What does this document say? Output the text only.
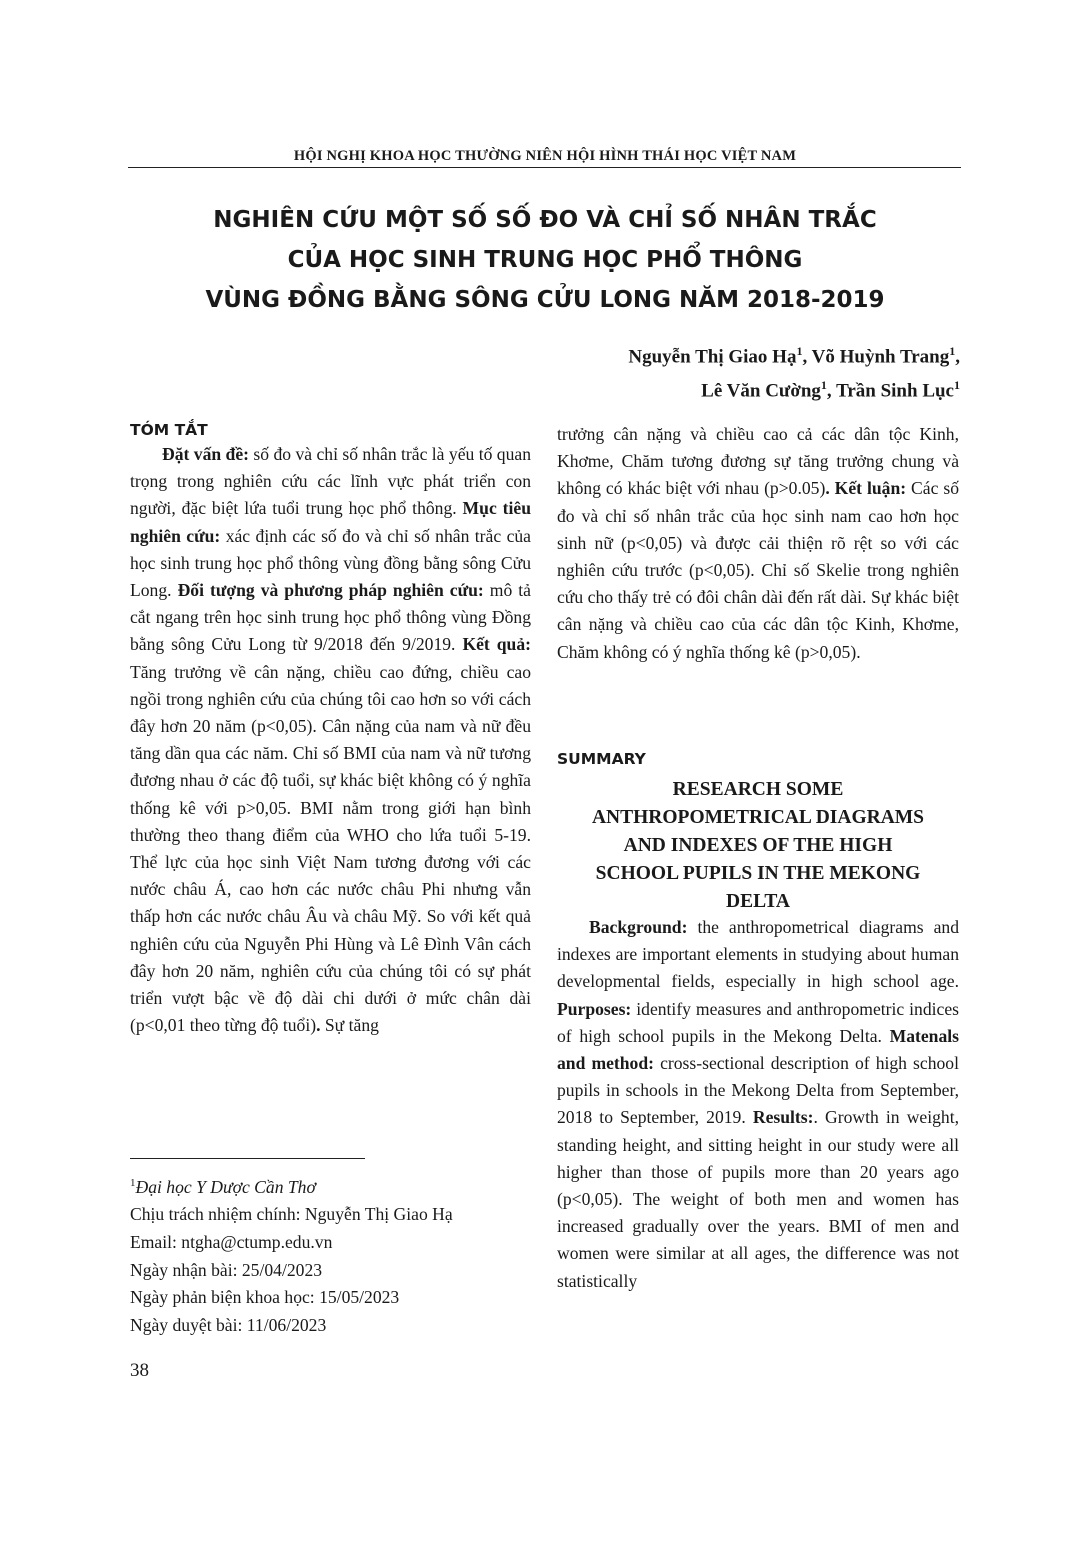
HỘI NGHỊ KHOA HỌC THƯỜNG NIÊN HỘI HÌNH THÁI HỌC VIỆT NAM
NGHIÊN CỨU MỘT SỐ SỐ ĐO VÀ CHỈ SỐ NHÂN TRẮC
CỦA HỌC SINH TRUNG HỌC PHỔ THÔNG
VÙNG ĐỒNG BẰNG SÔNG CỬU LONG NĂM 2018-2019
Nguyễn Thị Giao Hạ$^1$, Võ Huỳnh Trang$^1$,
Lê Văn Cường$^1$, Trần Sinh Lục$^1$
TÓM TẮT

Đặt vấn đề: số đo và chỉ số nhân trắc là yếu tố quan trọng trong nghiên cứu các lĩnh vực phát triển con người, đặc biệt lứa tuổi trung học phổ thông. Mục tiêu nghiên cứu: xác định các số đo và chỉ số nhân trắc của học sinh trung học phổ thông vùng đồng bằng sông Cửu Long. Đối tượng và phương pháp nghiên cứu: mô tả cắt ngang trên học sinh trung học phổ thông vùng Đồng bằng sông Cửu Long từ 9/2018 đến 9/2019. Kết quả: Tăng trưởng về cân nặng, chiều cao đứng, chiều cao ngồi trong nghiên cứu của chúng tôi cao hơn so với cách đây hơn 20 năm (p<0,05). Cân nặng của nam và nữ đều tăng dần qua các năm. Chỉ số BMI của nam và nữ tương đương nhau ở các độ tuổi, sự khác biệt không có ý nghĩa thống kê với p>0,05. BMI nằm trong giới hạn bình thường theo thang điểm của WHO cho lứa tuổi 5-19. Thể lực của học sinh Việt Nam tương đương với các nước châu Á, cao hơn các nước châu Phi nhưng vẫn thấp hơn các nước châu Âu và châu Mỹ. So với kết quả nghiên cứu của Nguyễn Phi Hùng và Lê Đình Vân cách đây hơn 20 năm, nghiên cứu của chúng tôi có sự phát triển vượt bậc về độ dài chi dưới ở mức chân dài (p<0,01 theo từng độ tuổi). Sự tăng

trưởng cân nặng và chiều cao cả các dân tộc Kinh, Khơme, Chăm tương đương sự tăng trưởng chung và không có khác biệt với nhau (p>0.05). Kết luận: Các số đo và chỉ số nhân trắc của học sinh nam cao hơn học sinh nữ (p<0,05) và được cải thiện rõ rệt so với các nghiên cứu trước (p<0,05). Chỉ số Skelie trong nghiên cứu cho thấy trẻ có đôi chân dài đến rất dài. Sự khác biệt cân nặng và chiều cao của các dân tộc Kinh, Khơme, Chăm không có ý nghĩa thống kê (p>0,05).

SUMMARY
RESEARCH SOME
ANTHROPOMETRICAL DIAGRAMS
AND INDEXES OF THE HIGH
SCHOOL PUPILS IN THE MEKONG
DELTA

Background: the anthropometrical diagrams and indexes are important elements in studying about human developmental fields, especially in high school age. Purposes: identify measures and anthropometric indices of high school pupils in the Mekong Delta. Matenals and method: cross-sectional description of high school pupils in schools in the Mekong Delta from September, 2018 to September, 2019. Results:. Growth in weight, standing height, and sitting height in our study were all higher than those of pupils more than 20 years ago (p<0,05). The weight of both men and women has increased gradually over the years. BMI of men and women were similar at all ages, the difference was not statistically

$^1$Đại học Y Dược Cần Thơ
Chịu trách nhiệm chính: Nguyễn Thị Giao Hạ
Email: ntgha@ctump.edu.vn
Ngày nhận bài: 25/04/2023
Ngày phản biện khoa học: 15/05/2023
Ngày duyệt bài: 11/06/2023
38
